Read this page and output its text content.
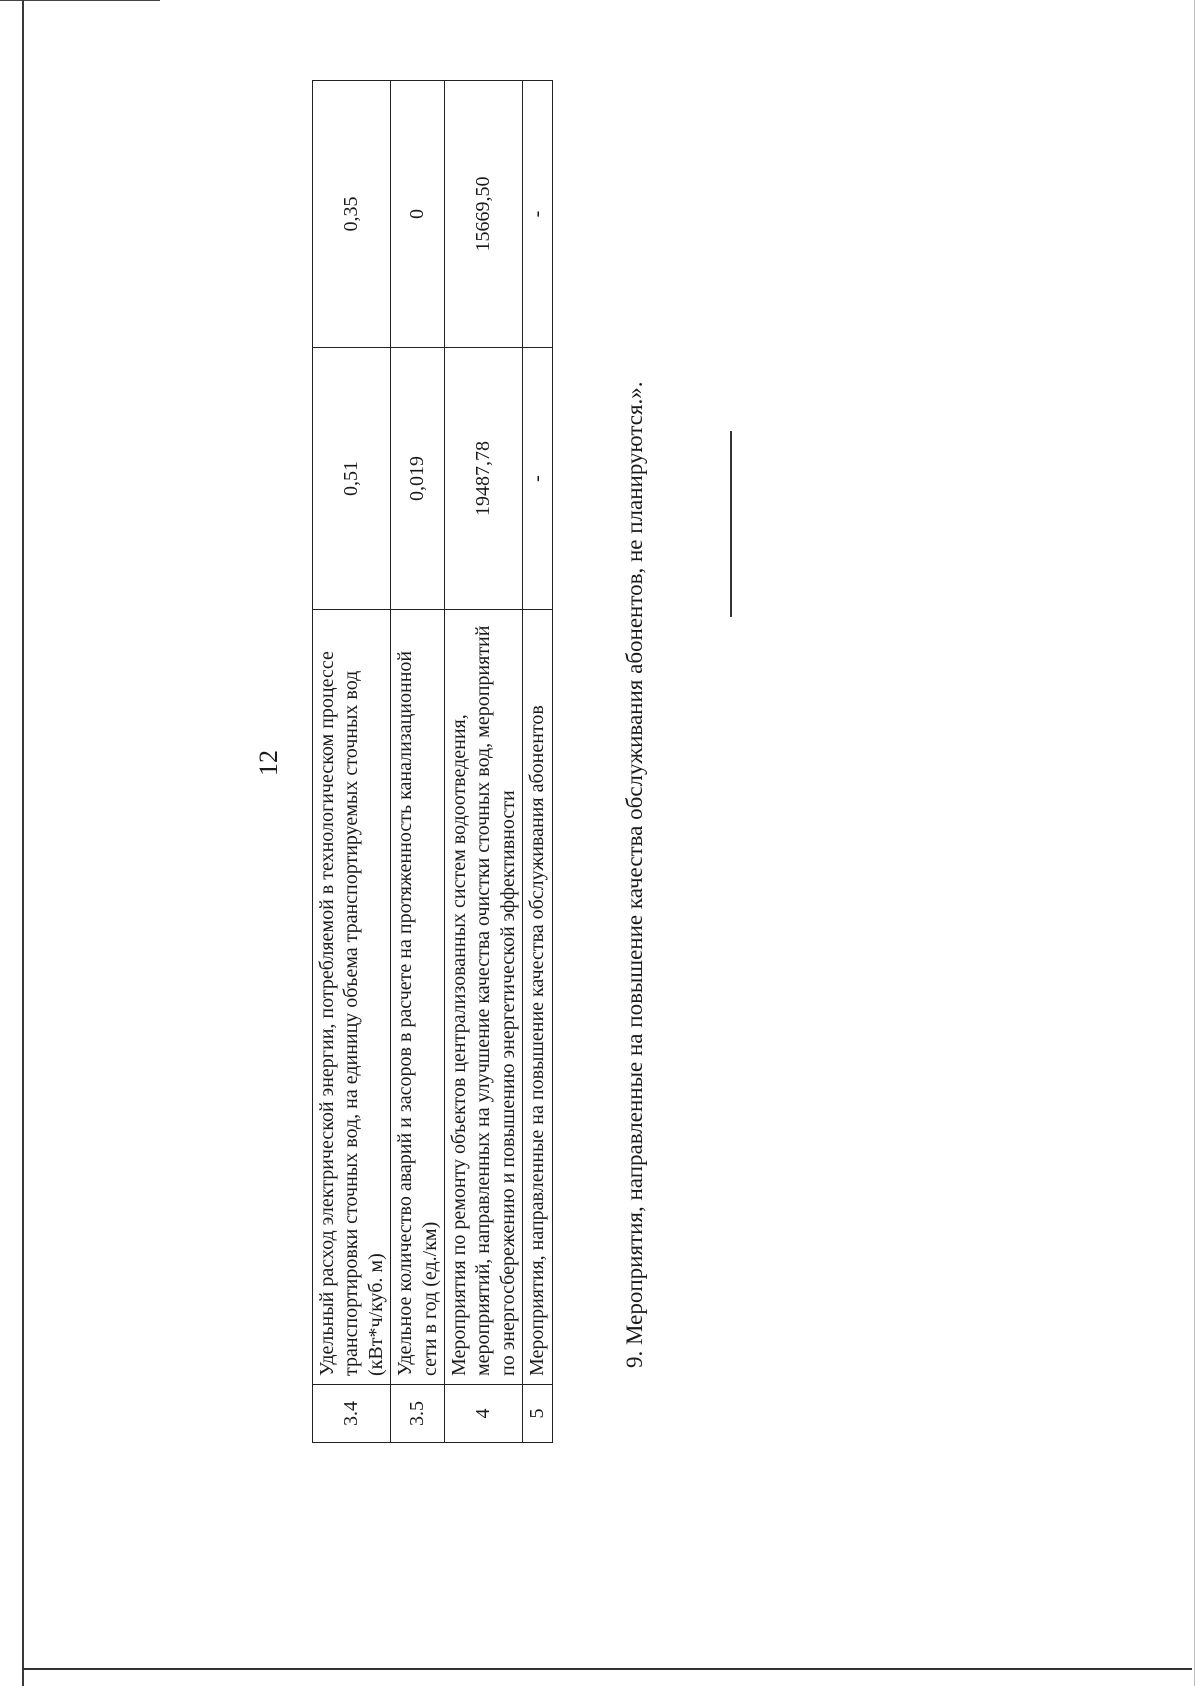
12
3.4	Удельный расход электрической энергии, потребляемой в технологическом процессе транспортировки сточных вод, на единицу объема транспортируемых сточных вод (кВт*ч/куб. м)	0,51	0,35
3.5	Удельное количество аварий и засоров в расчете на протяженность канализационной сети в год (ед./км)	0,019	0
4	Мероприятия по ремонту объектов централизованных систем водоотведения, мероприятий, направленных на улучшение качества очистки сточных вод, мероприятий по энергосбережению и повышению энергетической эффективности	19487,78	15669,50
5	Мероприятия, направленные на повышение качества обслуживания абонентов	-	-
9. Мероприятия, направленные на повышение качества обслуживания абонентов, не планируются.».
